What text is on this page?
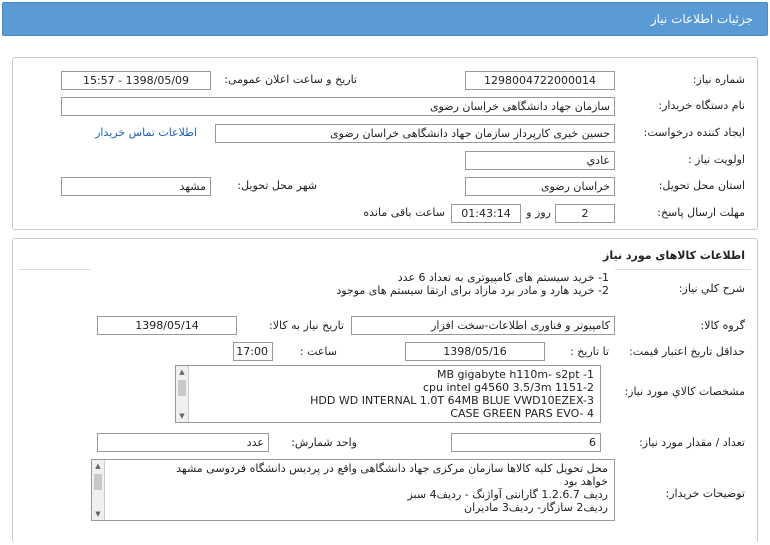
جزئیات اطلاعات نیاز
شماره نیاز:
1298004722000014
تاریخ و ساعت اعلان عمومی:
1398/05/09 - 15:57
نام دستگاه خریدار:
سازمان جهاد دانشگاهی خراسان رضوی
ایجاد کننده درخواست:
حسین خیری کارپرداز سازمان جهاد دانشگاهی خراسان رضوی
اطلاعات تماس خریدار
اولویت نیاز :
عادي
استان محل تحویل:
خراسان رضوی
شهر محل تحویل:
مشهد
مهلت ارسال پاسخ:
2
روز و
01:43:14
ساعت باقی مانده
اطلاعات کالاهای مورد نیاز
شرح کلي نياز:
1- خرید سیستم های کامپیوتری به تعداد 6 عدد
2- خرید هارد و مادر برد مازاد برای ارتقا سیستم های موجود
گروه کالا:
کامپیوتر و فناوری اطلاعات-سخت افزار
تاریخ نیاز به کالا:
1398/05/14
حداقل تاریخ اعتبار قیمت:
تا تاریخ :
1398/05/16
ساعت :
17:00
مشخصات كالاي مورد نياز:
▲
▼
MB gigabyte h110m- s2pt -1
cpu intel g4560 3.5/3m 1151-2
HDD WD INTERNAL 1.0T 64MB BLUE VWD10EZEX-3
CASE GREEN PARS EVO- 4
تعداد / مقدار مورد نیاز:
6
واحد شمارش:
عدد
توضیحات خریدار:
▲
▼
محل تحویل کلیه کالاها سازمان مرکزی جهاد دانشگاهی واقع در پردیس دانشگاه فردوسی مشهد
خواهد بود
ردیف 1.2.6.7 گارانتی آواژنگ - ردیف4 سبز
ردیف2 سازگار- ردیف3 مادیران
